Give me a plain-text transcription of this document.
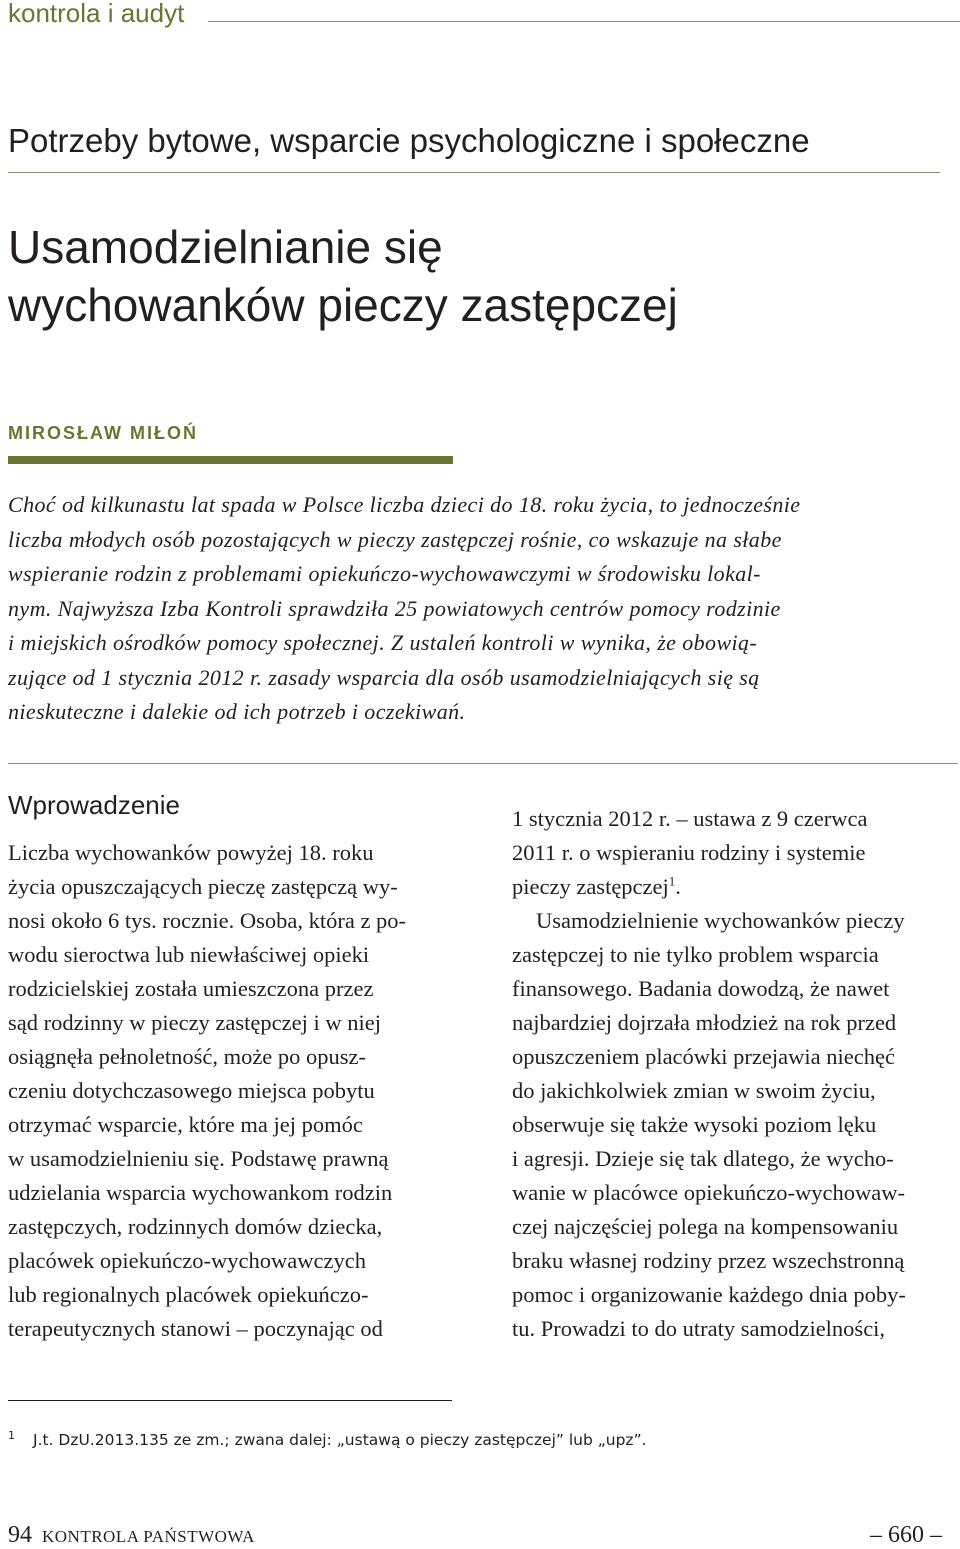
kontrola i audyt
Potrzeby bytowe, wsparcie psychologiczne i społeczne
Usamodzielnianie się
wychowanków pieczy zastępczej
MIROSŁAW MIŁOŃ

Choć od kilkunastu lat spada w Polsce liczba dzieci do 18. roku życia, to jednocześnie
liczba młodych osób pozostających w pieczy zastępczej rośnie, co wskazuje na słabe
wspieranie rodzin z problemami opiekuńczo-wychowawczymi w środowisku lokal-
nym. Najwyższa Izba Kontroli sprawdziła 25 powiatowych centrów pomocy rodzinie
i miejskich ośrodków pomocy społecznej. Z ustaleń kontroli w wynika, że obowią-
zujące od 1 stycznia 2012 r. zasady wsparcia dla osób usamodzielniających się są
nieskuteczne i dalekie od ich potrzeb i oczekiwań.

Wprowadzenie
Liczba wychowanków powyżej 18. roku
życia opuszczających pieczę zastępczą wy-
nosi około 6 tys. rocznie. Osoba, która z po-
wodu sieroctwa lub niewłaściwej opieki
rodzicielskiej została umieszczona przez
sąd rodzinny w pieczy zastępczej i w niej
osiągnęła pełnoletność, może po opusz-
czeniu dotychczasowego miejsca pobytu
otrzymać wsparcie, które ma jej pomóc
w usamodzielnieniu się. Podstawę prawną
udzielania wsparcia wychowankom rodzin
zastępczych, rodzinnych domów dziecka,
placówek opiekuńczo-wychowawczych
lub regionalnych placówek opiekuńczo-
terapeutycznych stanowi – poczynając od
1 stycznia 2012 r. – ustawa z 9 czerwca
2011 r. o wspieraniu rodziny i systemie
pieczy zastępczej$^1$.
Usamodzielnienie wychowanków pieczy
zastępczej to nie tylko problem wsparcia
finansowego. Badania dowodzą, że nawet
najbardziej dojrzała młodzież na rok przed
opuszczeniem placówki przejawia niechęć
do jakichkolwiek zmian w swoim życiu,
obserwuje się także wysoki poziom lęku
i agresji. Dzieje się tak dlatego, że wycho-
wanie w placówce opiekuńczo-wychowaw-
czej najczęściej polega na kompensowaniu
braku własnej rodziny przez wszechstronną
pomoc i organizowanie każdego dnia poby-
tu. Prowadzi to do utraty samodzielności,
$^1$ J.t. DzU.2013.135 ze zm.; zwana dalej: „ustawą o pieczy zastępczej” lub „upz”.
94 KONTROLA PAŃSTWOWA	– 660 –
